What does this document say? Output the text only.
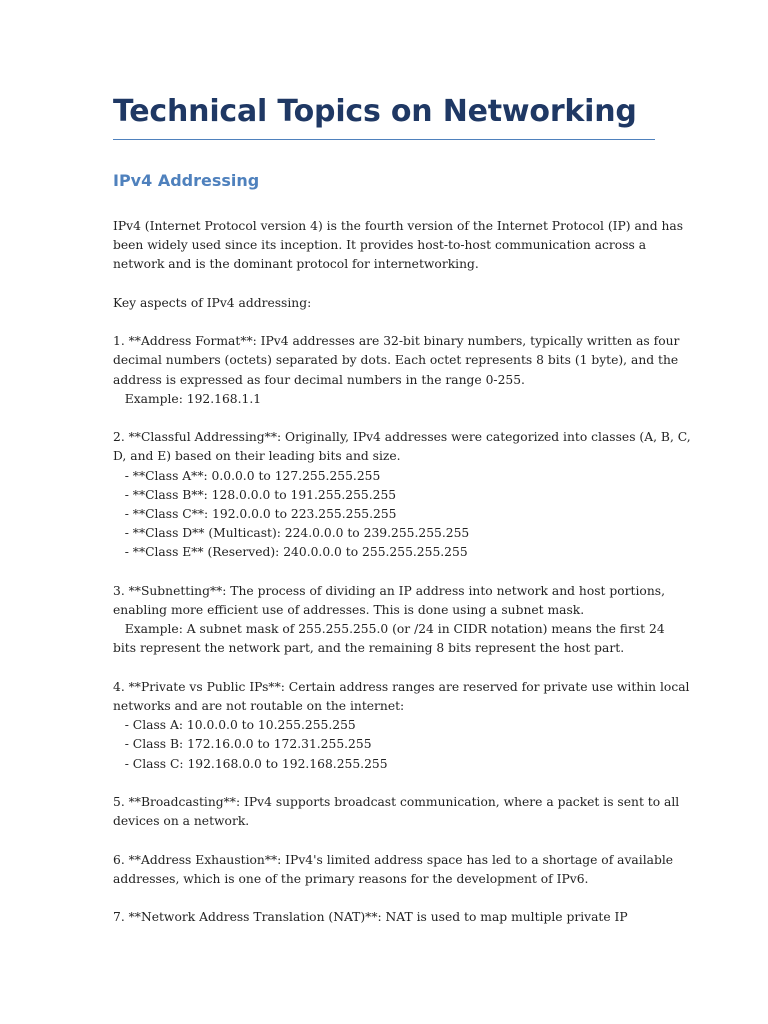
Technical Topics on Networking
IPv4 Addressing
IPv4 (Internet Protocol version 4) is the fourth version of the Internet Protocol (IP) and has
been widely used since its inception. It provides host-to-host communication across a
network and is the dominant protocol for internetworking.
Key aspects of IPv4 addressing:
1. **Address Format**: IPv4 addresses are 32-bit binary numbers, typically written as four
decimal numbers (octets) separated by dots. Each octet represents 8 bits (1 byte), and the
address is expressed as four decimal numbers in the range 0-255.
Example: 192.168.1.1
2. **Classful Addressing**: Originally, IPv4 addresses were categorized into classes (A, B, C,
D, and E) based on their leading bits and size.
- **Class A**: 0.0.0.0 to 127.255.255.255
- **Class B**: 128.0.0.0 to 191.255.255.255
- **Class C**: 192.0.0.0 to 223.255.255.255
- **Class D** (Multicast): 224.0.0.0 to 239.255.255.255
- **Class E** (Reserved): 240.0.0.0 to 255.255.255.255
3. **Subnetting**: The process of dividing an IP address into network and host portions,
enabling more efficient use of addresses. This is done using a subnet mask.
Example: A subnet mask of 255.255.255.0 (or /24 in CIDR notation) means the first 24
bits represent the network part, and the remaining 8 bits represent the host part.
4. **Private vs Public IPs**: Certain address ranges are reserved for private use within local
networks and are not routable on the internet:
- Class A: 10.0.0.0 to 10.255.255.255
- Class B: 172.16.0.0 to 172.31.255.255
- Class C: 192.168.0.0 to 192.168.255.255
5. **Broadcasting**: IPv4 supports broadcast communication, where a packet is sent to all
devices on a network.
6. **Address Exhaustion**: IPv4's limited address space has led to a shortage of available
addresses, which is one of the primary reasons for the development of IPv6.
7. **Network Address Translation (NAT)**: NAT is used to map multiple private IP
